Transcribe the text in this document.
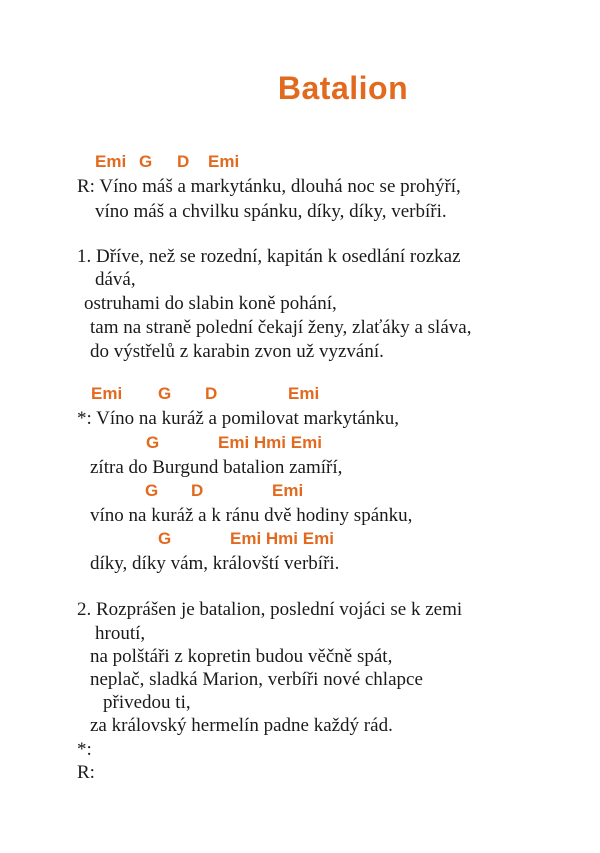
Batalion

Emi

G

D

Emi

R: Víno máš a markytánku, dlouhá noc se prohýří,
víno máš a chvilku spánku, díky, díky, verbíři.
1. Dříve, než se rozední, kapitán k osedlání rozkaz
dává,
ostruhami do slabin koně pohání,
tam na straně polední čekají ženy, zlaťáky a sláva,
do výstřelů z karabin zvon už vyzvání.

Emi

G

D

	Emi

*: Víno na kuráž a pomilovat markytánku,

G

	Emi Hmi Emi

zítra do Burgund batalion zamíří,

G

D

	Emi

víno na kuráž a k ránu dvě hodiny spánku,

G

	Emi Hmi Emi

díky, díky vám, královští verbíři.
2. Rozprášen je batalion, poslední vojáci se k zemi
hroutí,
na polštáři z kopretin budou věčně spát,
neplač, sladká Marion, verbíři nové chlapce
přivedou ti,
za královský hermelín padne každý rád.
*:
R:
